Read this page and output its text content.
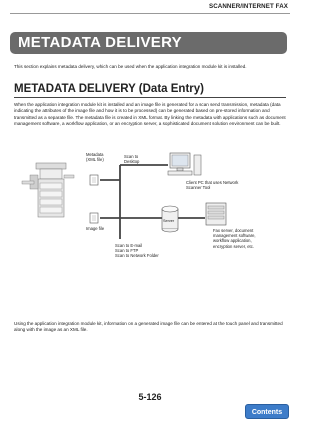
SCANNER/INTERNET FAX
METADATA DELIVERY
This section explains metadata delivery, which can be used when the application integration module kit is installed.
METADATA DELIVERY (Data Entry)
When the application integration module kit is installed and an image file is generated for a scan send transmission, metadata (data indicating the attributes of the image file and how it is to be processed) can be generated based on pre-stored information and transmitted as a separate file. The metadata file is created in XML format. By linking the metadata with applications such as document management software, a workflow application, or an encryption server, a sophisticated document solution environment can be built.
Metadata
(XML file)
Image file
Scan to
Desktop
Client PC that uses Network
Scanner Tool
Server
Fax server, document
management software,
workflow application,
encryption server, etc.
Scan to E-mail
Scan to FTP
Scan to Network Folder
Using the application integration module kit, information on a generated image file can be entered at the touch panel and transmitted along with the image as an XML file.
5-126
Contents
